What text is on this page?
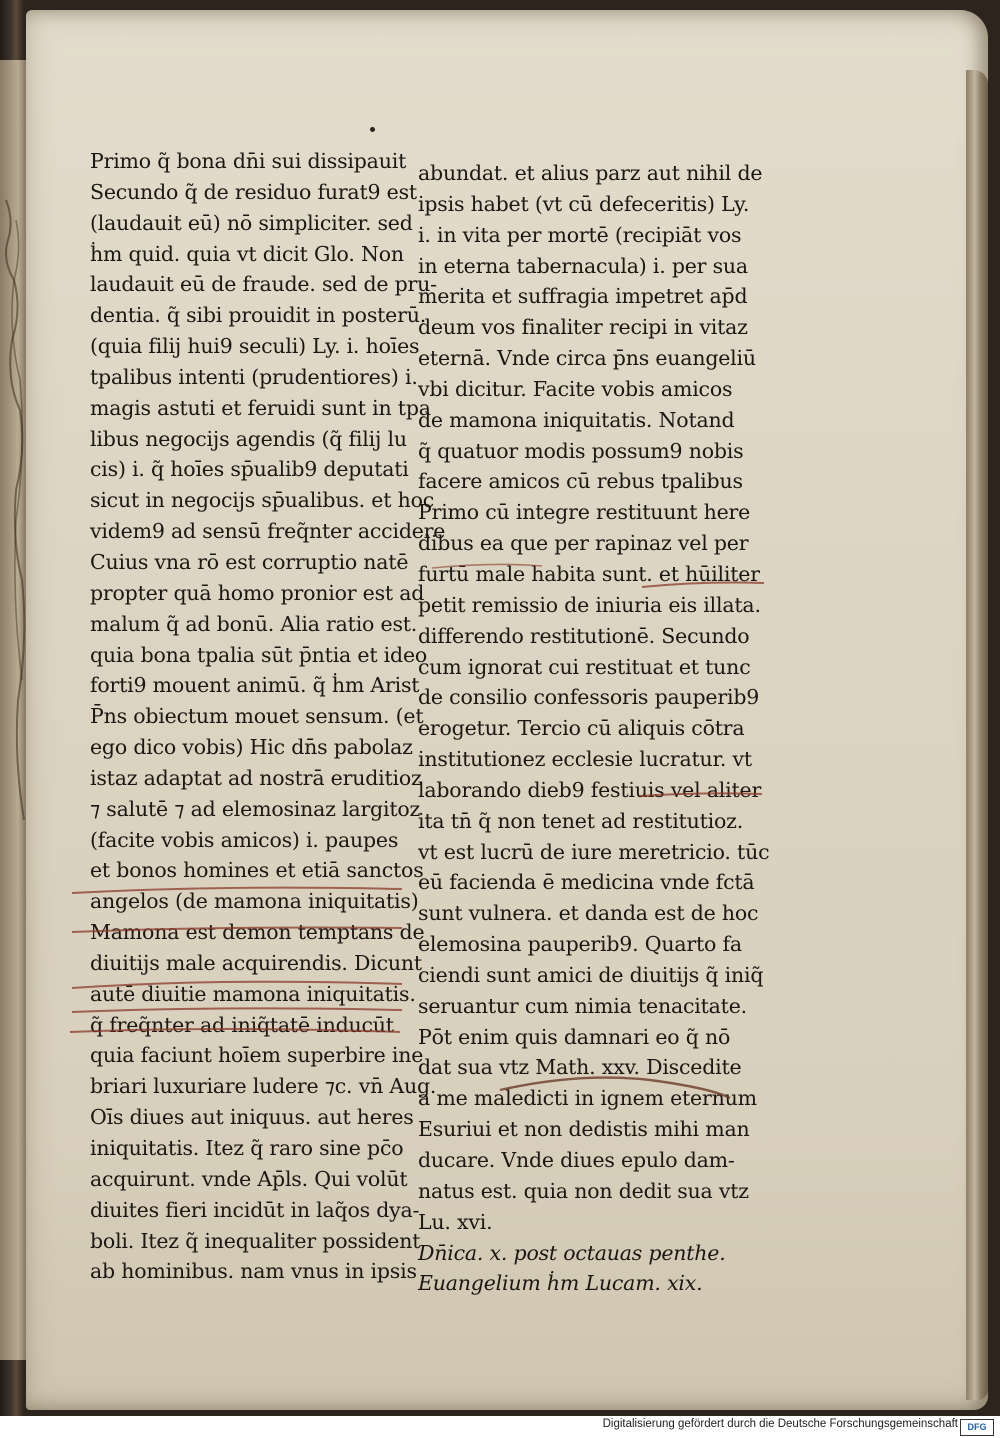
Primo q̃ bona dn̄i sui dissipauit
Secundo q̃ de residuo furat9 est
(laudauit eū) nō simpliciter. sed
ḣm quid. quia vt dicit Glo. Non
laudauit eū de fraude. sed de pru-
dentia. q̃ sibi prouidit in posterū.
(quia filij hui9 seculi) Ly. i. hoīes
tpalibus intenti (prudentiores) i.
magis astuti et feruidi sunt in tpa
libus negocijs agendis (q̃ filij lu
cis) i. q̃ hoīes sp̄ualib9 deputati
sicut in negocijs sp̄ualibus. et hoc
videm9 ad sensū freq̃nter accidere
Cuius vna rō est corruptio natē
propter quā homo pronior est ad
malum q̃ ad bonū. Alia ratio est.
quia bona tpalia sūt p̄ntia et ideo
forti9 mouent animū. q̃ ḣm Arist
P̄ns obiectum mouet sensum. (et
ego dico vobis) Hic dn̄s pabolaz
istaz adaptat ad nostrā eruditioz
⁊ salutē ⁊ ad elemosinaz largitoz
(facite vobis amicos) i. paupes
et bonos homines et etiā sanctos
angelos (de mamona iniquitatis)
Mamona est demon temptans de
diuitijs male acquirendis. Dicunt
autē diuitie mamona iniquitatis.
q̃ freq̃nter ad iniq̃tatē inducūt
quia faciunt hoīem superbire ine
briari luxuriare ludere ⁊c. vn̄ Aug.
Oīs diues aut iniquus. aut heres
iniquitatis. Itez q̃ raro sine pc̄o
acquirunt. vnde Ap̄ls. Qui volūt
diuites fieri incidūt in laq̃os dya-
boli. Itez q̃ inequaliter possident
ab hominibus. nam vnus in ipsis
abundat. et alius parz aut nihil de
ipsis habet (vt cū defeceritis) Ly.
i. in vita per mortē (recipiāt vos
in eterna tabernacula) i. per sua
merita et suffragia impetret ap̄d
deum vos finaliter recipi in vitaz
eternā. Vnde circa p̄ns euangeliū
vbi dicitur. Facite vobis amicos
de mamona iniquitatis. Notand
q̃ quatuor modis possum9 nobis
facere amicos cū rebus tpalibus
Primo cū integre restituunt here
dibus ea que per rapinaz vel per
furtū male habita sunt. et hūiliter
petit remissio de iniuria eis illata.
differendo restitutionē. Secundo
cum ignorat cui restituat et tunc
de consilio confessoris pauperib9
erogetur. Tercio cū aliquis cōtra
institutionez ecclesie lucratur. vt
laborando dieb9 festiuis vel aliter
ita tn̄ q̃ non tenet ad restitutioz.
vt est lucrū de iure meretricio. tūc
eū facienda ē medicina vnde fctā
sunt vulnera. et danda est de hoc
elemosina pauperib9. Quarto fa
ciendi sunt amici de diuitijs q̃ iniq̃
seruantur cum nimia tenacitate.
Pōt enim quis damnari eo q̃ nō
dat sua vtz Math. xxv. Discedite
a me maledicti in ignem eternum
Esuriui et non dedistis mihi man
ducare. Vnde diues epulo dam-
natus est. quia non dedit sua vtz
Lu. xvi.
Dn̄ica. x. post octauas penthe.
Euangelium ḣm Lucam. xix.
Digitalisierung gefördert durch die Deutsche Forschungsgemeinschaft	DFG
